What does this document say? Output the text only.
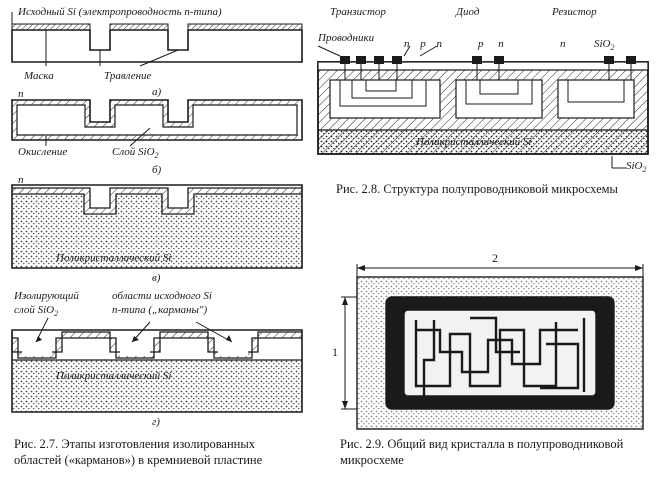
Исходный Si (электропроводность n-типа)
Маска	Травление
а)
n
Окисление	Слой SiO$_2$
б)
n
Поликристаллический Si
в)
Изолирующий
слой SiO$_2$
области исходного Si
n-типа („карманы")
Поликристаллический Si
г)
Рис. 2.7. Этапы изготовления изолированных областей («карманов») в кремниевой пластине
Транзистор	Диод	Резистор
Проводники	n p n	p n	n	SiO$_2$
Поликристаллический Si
SiO$_2$
Рис. 2.8. Структура полупроводниковой микросхемы
2
1
Рис. 2.9. Общий вид кристалла в полупроводниковой микросхеме
